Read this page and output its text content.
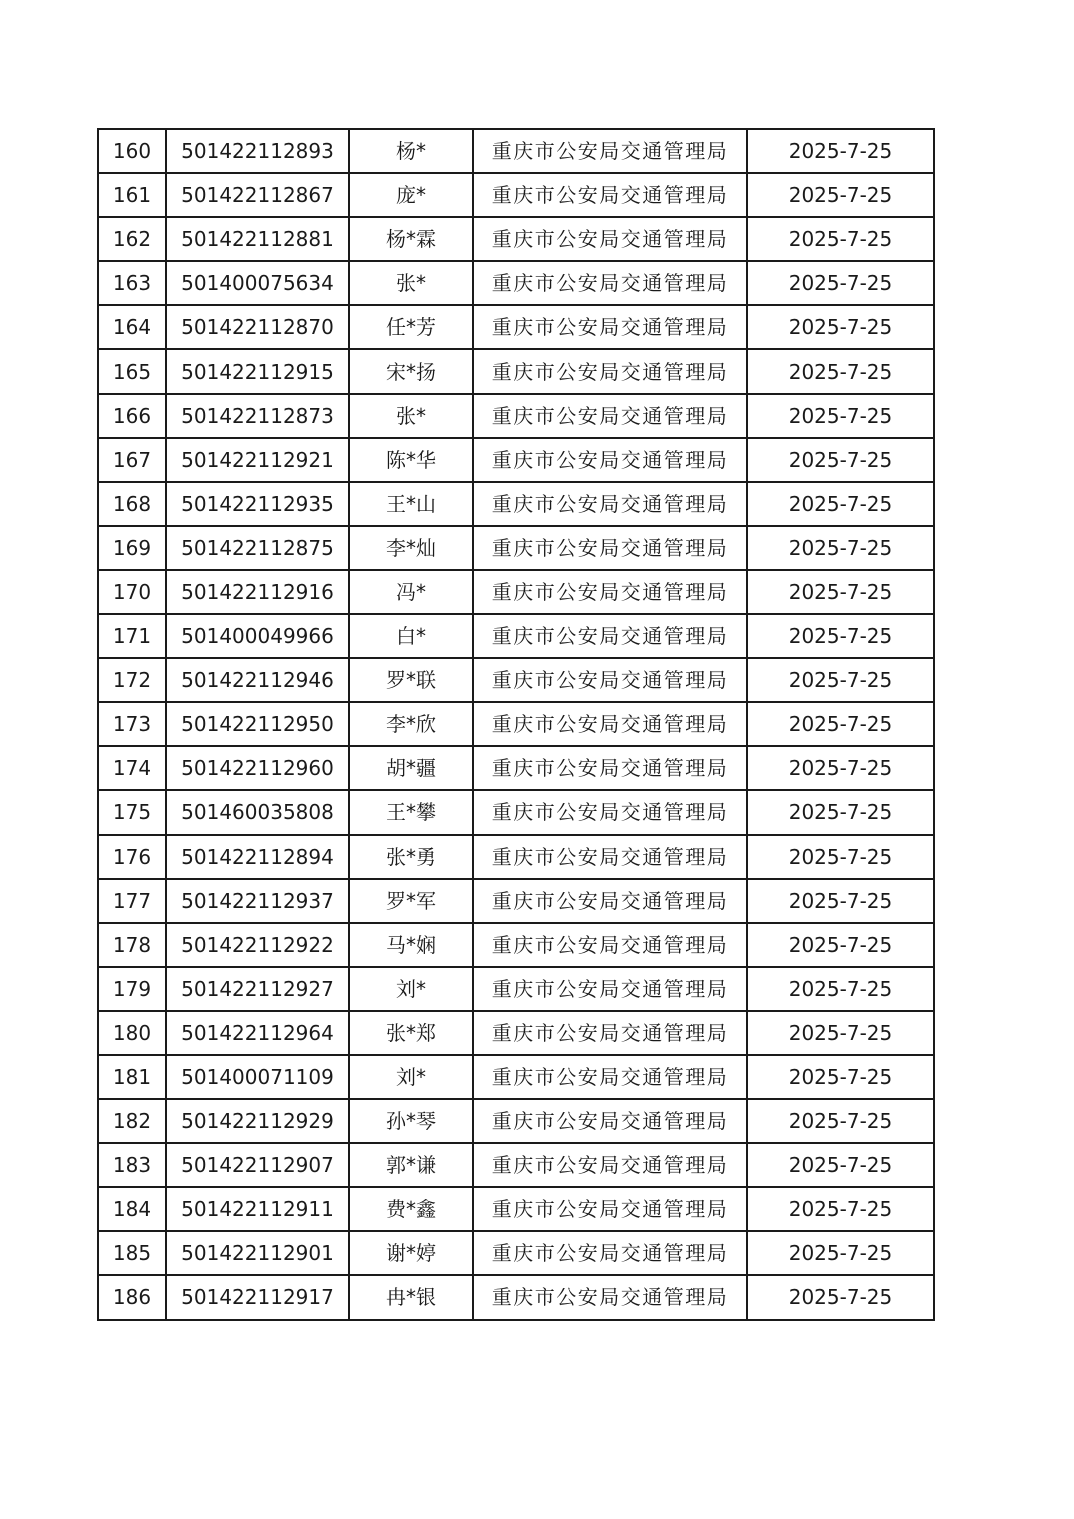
160	501422112893	杨*	重庆市公安局交通管理局	2025-7-25
161	501422112867	庞*	重庆市公安局交通管理局	2025-7-25
162	501422112881	杨*霖	重庆市公安局交通管理局	2025-7-25
163	501400075634	张*	重庆市公安局交通管理局	2025-7-25
164	501422112870	任*芳	重庆市公安局交通管理局	2025-7-25
165	501422112915	宋*扬	重庆市公安局交通管理局	2025-7-25
166	501422112873	张*	重庆市公安局交通管理局	2025-7-25
167	501422112921	陈*华	重庆市公安局交通管理局	2025-7-25
168	501422112935	王*山	重庆市公安局交通管理局	2025-7-25
169	501422112875	李*灿	重庆市公安局交通管理局	2025-7-25
170	501422112916	冯*	重庆市公安局交通管理局	2025-7-25
171	501400049966	白*	重庆市公安局交通管理局	2025-7-25
172	501422112946	罗*联	重庆市公安局交通管理局	2025-7-25
173	501422112950	李*欣	重庆市公安局交通管理局	2025-7-25
174	501422112960	胡*疆	重庆市公安局交通管理局	2025-7-25
175	501460035808	王*攀	重庆市公安局交通管理局	2025-7-25
176	501422112894	张*勇	重庆市公安局交通管理局	2025-7-25
177	501422112937	罗*军	重庆市公安局交通管理局	2025-7-25
178	501422112922	马*娴	重庆市公安局交通管理局	2025-7-25
179	501422112927	刘*	重庆市公安局交通管理局	2025-7-25
180	501422112964	张*郑	重庆市公安局交通管理局	2025-7-25
181	501400071109	刘*	重庆市公安局交通管理局	2025-7-25
182	501422112929	孙*琴	重庆市公安局交通管理局	2025-7-25
183	501422112907	郭*谦	重庆市公安局交通管理局	2025-7-25
184	501422112911	费*鑫	重庆市公安局交通管理局	2025-7-25
185	501422112901	谢*婷	重庆市公安局交通管理局	2025-7-25
186	501422112917	冉*银	重庆市公安局交通管理局	2025-7-25
